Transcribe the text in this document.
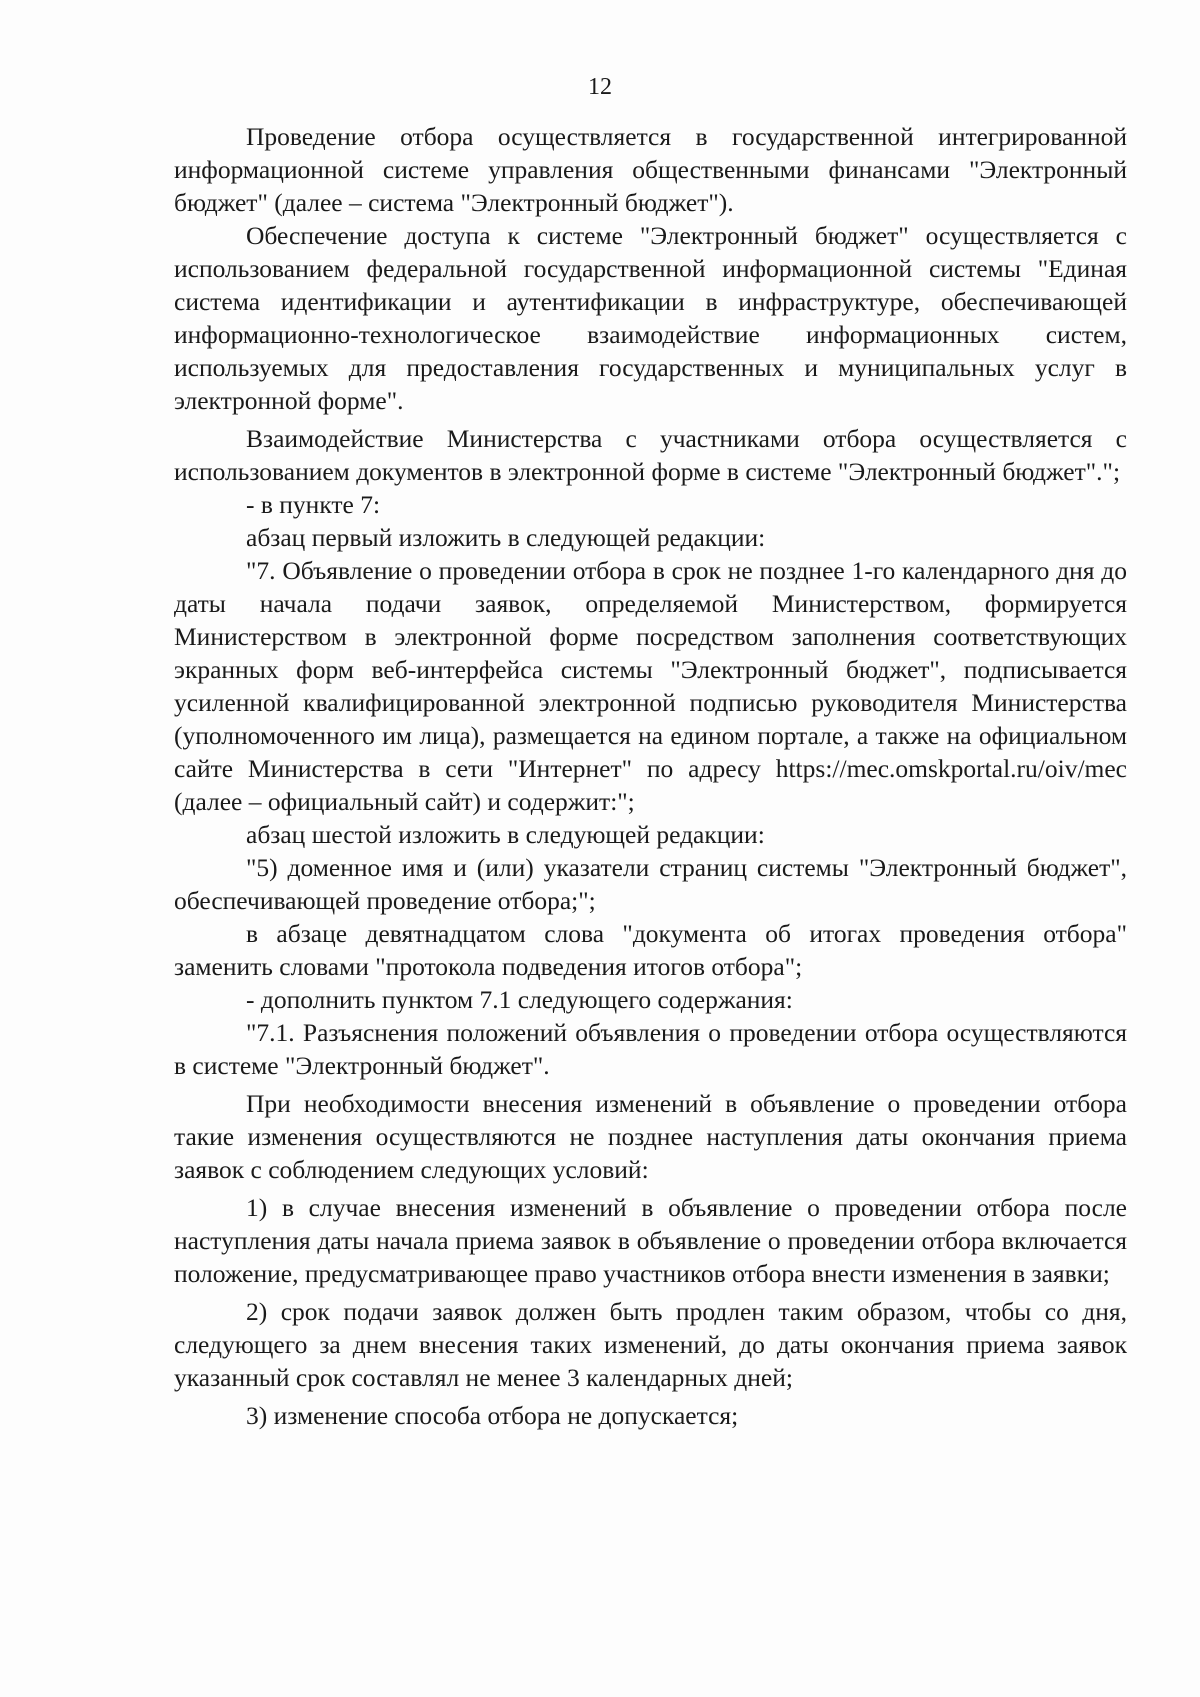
12

Проведение отбора осуществляется в государственной интегрированной информационной системе управления общественными финансами "Электронный бюджет" (далее – система "Электронный бюджет").

Обеспечение доступа к системе "Электронный бюджет" осуществляется с использованием федеральной государственной информационной системы "Единая система идентификации и аутентификации в инфраструктуре, обеспечивающей информационно-технологическое взаимодействие информационных систем, используемых для предоставления государственных и муниципальных услуг в электронной форме".

Взаимодействие Министерства с участниками отбора осуществляется с использованием документов в электронной форме в системе "Электронный бюджет".";

- в пункте 7:

абзац первый изложить в следующей редакции:

"7. Объявление о проведении отбора в срок не позднее 1-го календарного дня до даты начала подачи заявок, определяемой Министерством, формируется Министерством в электронной форме посредством заполнения соответствующих экранных форм веб-интерфейса системы "Электронный бюджет", подписывается усиленной квалифицированной электронной подписью руководителя Министерства (уполномоченного им лица), размещается на едином портале, а также на официальном сайте Министерства в сети "Интернет" по адресу https://mec.omskportal.ru/oiv/mec (далее – официальный сайт) и содержит:";

абзац шестой изложить в следующей редакции:

"5) доменное имя и (или) указатели страниц системы "Электронный бюджет", обеспечивающей проведение отбора;";

в абзаце девятнадцатом слова "документа об итогах проведения отбора" заменить словами "протокола подведения итогов отбора";

- дополнить пунктом 7.1 следующего содержания:

"7.1. Разъяснения положений объявления о проведении отбора осуществляются в системе "Электронный бюджет".

При необходимости внесения изменений в объявление о проведении отбора такие изменения осуществляются не позднее наступления даты окончания приема заявок с соблюдением следующих условий:

1) в случае внесения изменений в объявление о проведении отбора после наступления даты начала приема заявок в объявление о проведении отбора включается положение, предусматривающее право участников отбора внести изменения в заявки;

2) срок подачи заявок должен быть продлен таким образом, чтобы со дня, следующего за днем внесения таких изменений, до даты окончания приема заявок указанный срок составлял не менее 3 календарных дней;

3) изменение способа отбора не допускается;
